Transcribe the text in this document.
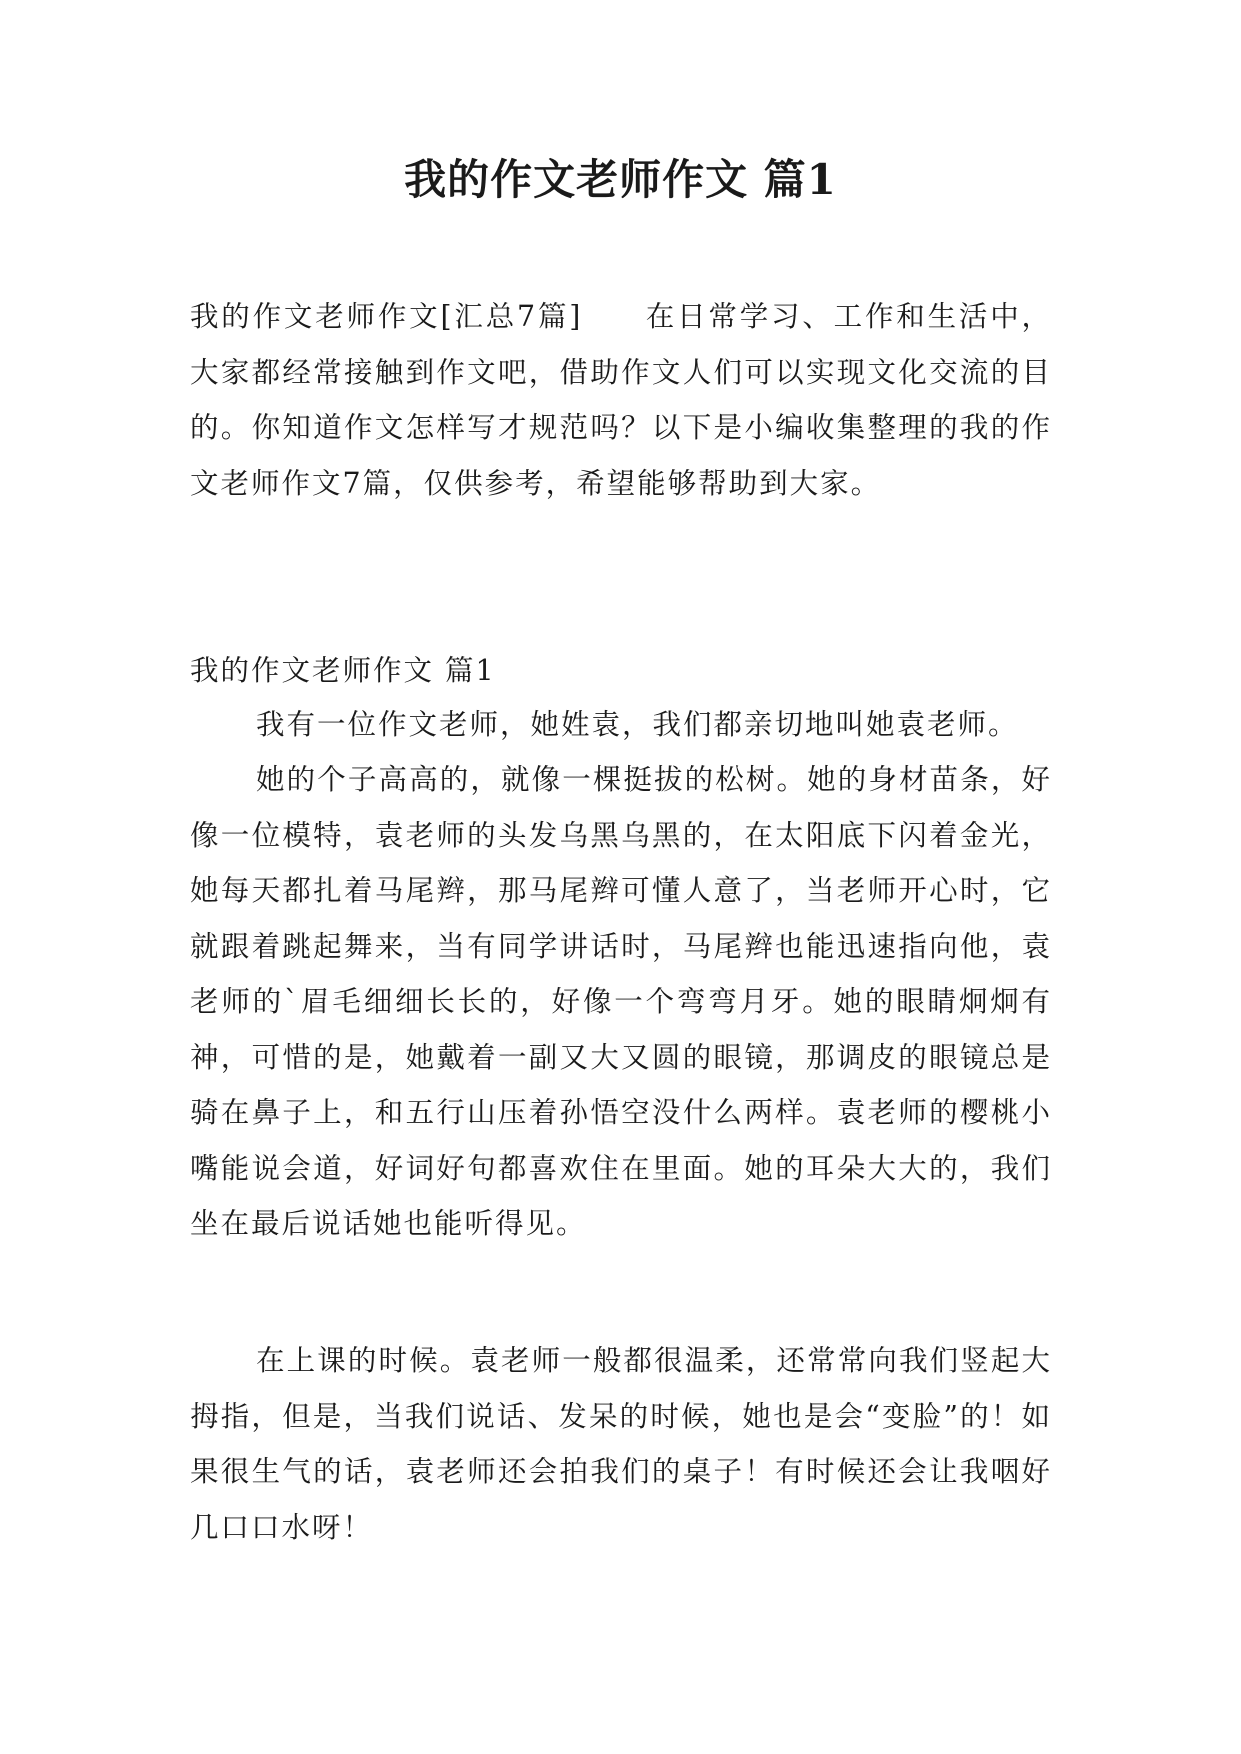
我的作文老师作文 篇1

我的作文老师作文[汇总7篇]　　在日常学习、工作和生活中，大家都经常接触到作文吧，借助作文人们可以实现文化交流的目的。你知道作文怎样写才规范吗？以下是小编收集整理的我的作文老师作文7篇，仅供参考，希望能够帮助到大家。

我的作文老师作文 篇1

我有一位作文老师，她姓袁，我们都亲切地叫她袁老师。

她的个子高高的，就像一棵挺拔的松树。她的身材苗条，好像一位模特，袁老师的头发乌黑乌黑的，在太阳底下闪着金光，她每天都扎着马尾辫，那马尾辫可懂人意了，当老师开心时，它就跟着跳起舞来，当有同学讲话时，马尾辫也能迅速指向他，袁老师的`眉毛细细长长的，好像一个弯弯月牙。她的眼睛炯炯有神，可惜的是，她戴着一副又大又圆的眼镜，那调皮的眼镜总是骑在鼻子上，和五行山压着孙悟空没什么两样。袁老师的樱桃小嘴能说会道，好词好句都喜欢住在里面。她的耳朵大大的，我们坐在最后说话她也能听得见。

在上课的时候。袁老师一般都很温柔，还常常向我们竖起大拇指，但是，当我们说话、发呆的时候，她也是会“变脸”的！如果很生气的话，袁老师还会拍我们的桌子！有时候还会让我咽好几口口水呀！
